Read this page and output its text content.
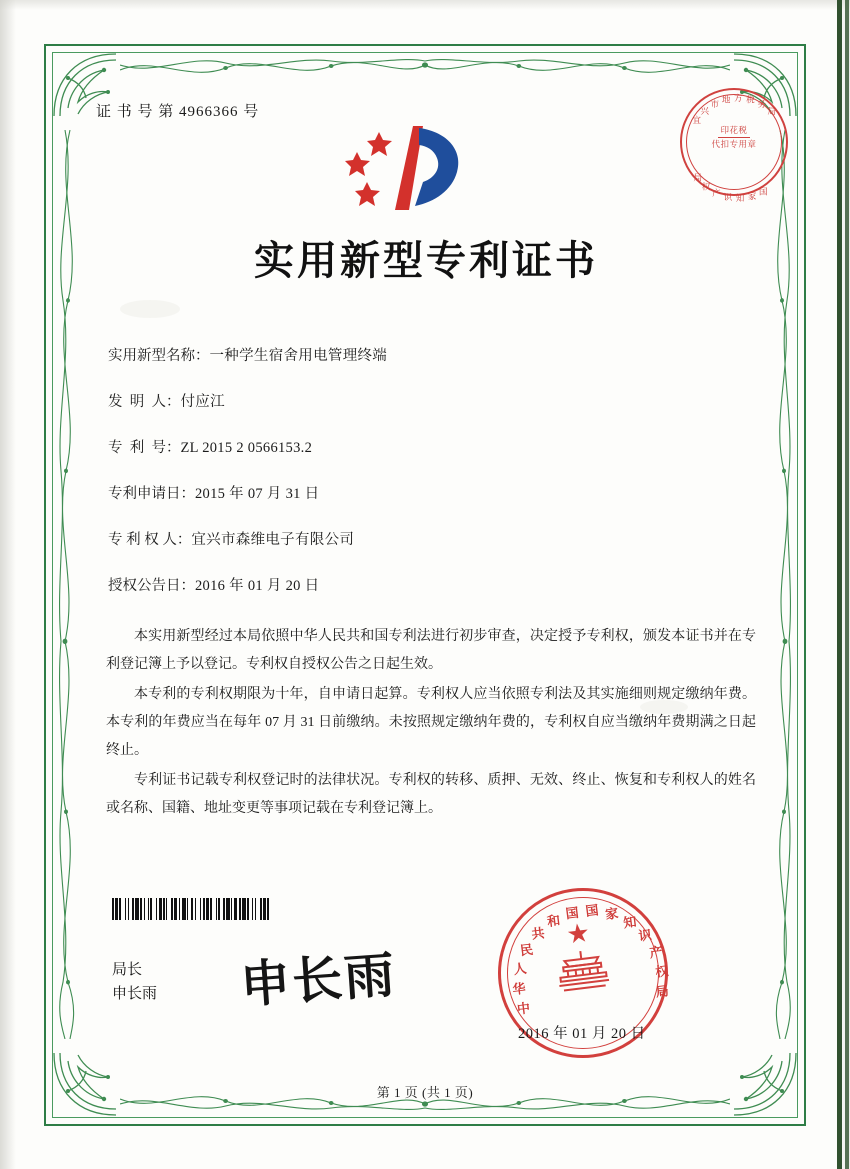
宜
兴
市 地 方 税 务
局
国
家
知
识
产
权
局
印花税
代扣专用章
证 书 号 第 4966366 号
实用新型专利证书
实用新型名称： 一种学生宿舍用电管理终端
发  明  人： 付应江
专  利  号： ZL 2015 2 0566153.2
专利申请日： 2015 年 07 月 31 日
专 利 权 人： 宜兴市森维电子有限公司
授权公告日： 2016 年 01 月 20 日

本实用新型经过本局依照中华人民共和国专利法进行初步审查，决定授予专利权，颁发本证书并在专利登记簿上予以登记。专利权自授权公告之日起生效。

本专利的专利权期限为十年，自申请日起算。专利权人应当依照专利法及其实施细则规定缴纳年费。本专利的年费应当在每年 07 月 31 日前缴纳。未按照规定缴纳年费的，专利权自应当缴纳年费期满之日起终止。

专利证书记载专利权登记时的法律状况。专利权的转移、质押、无效、终止、恢复和专利权人的姓名或名称、国籍、地址变更等事项记载在专利登记簿上。

局长
申长雨 申长雨
★
中
华
人
民
共
和 国 国 家
知
识
产
权
局
2016 年 01 月 20 日
第 1 页 (共 1 页)
